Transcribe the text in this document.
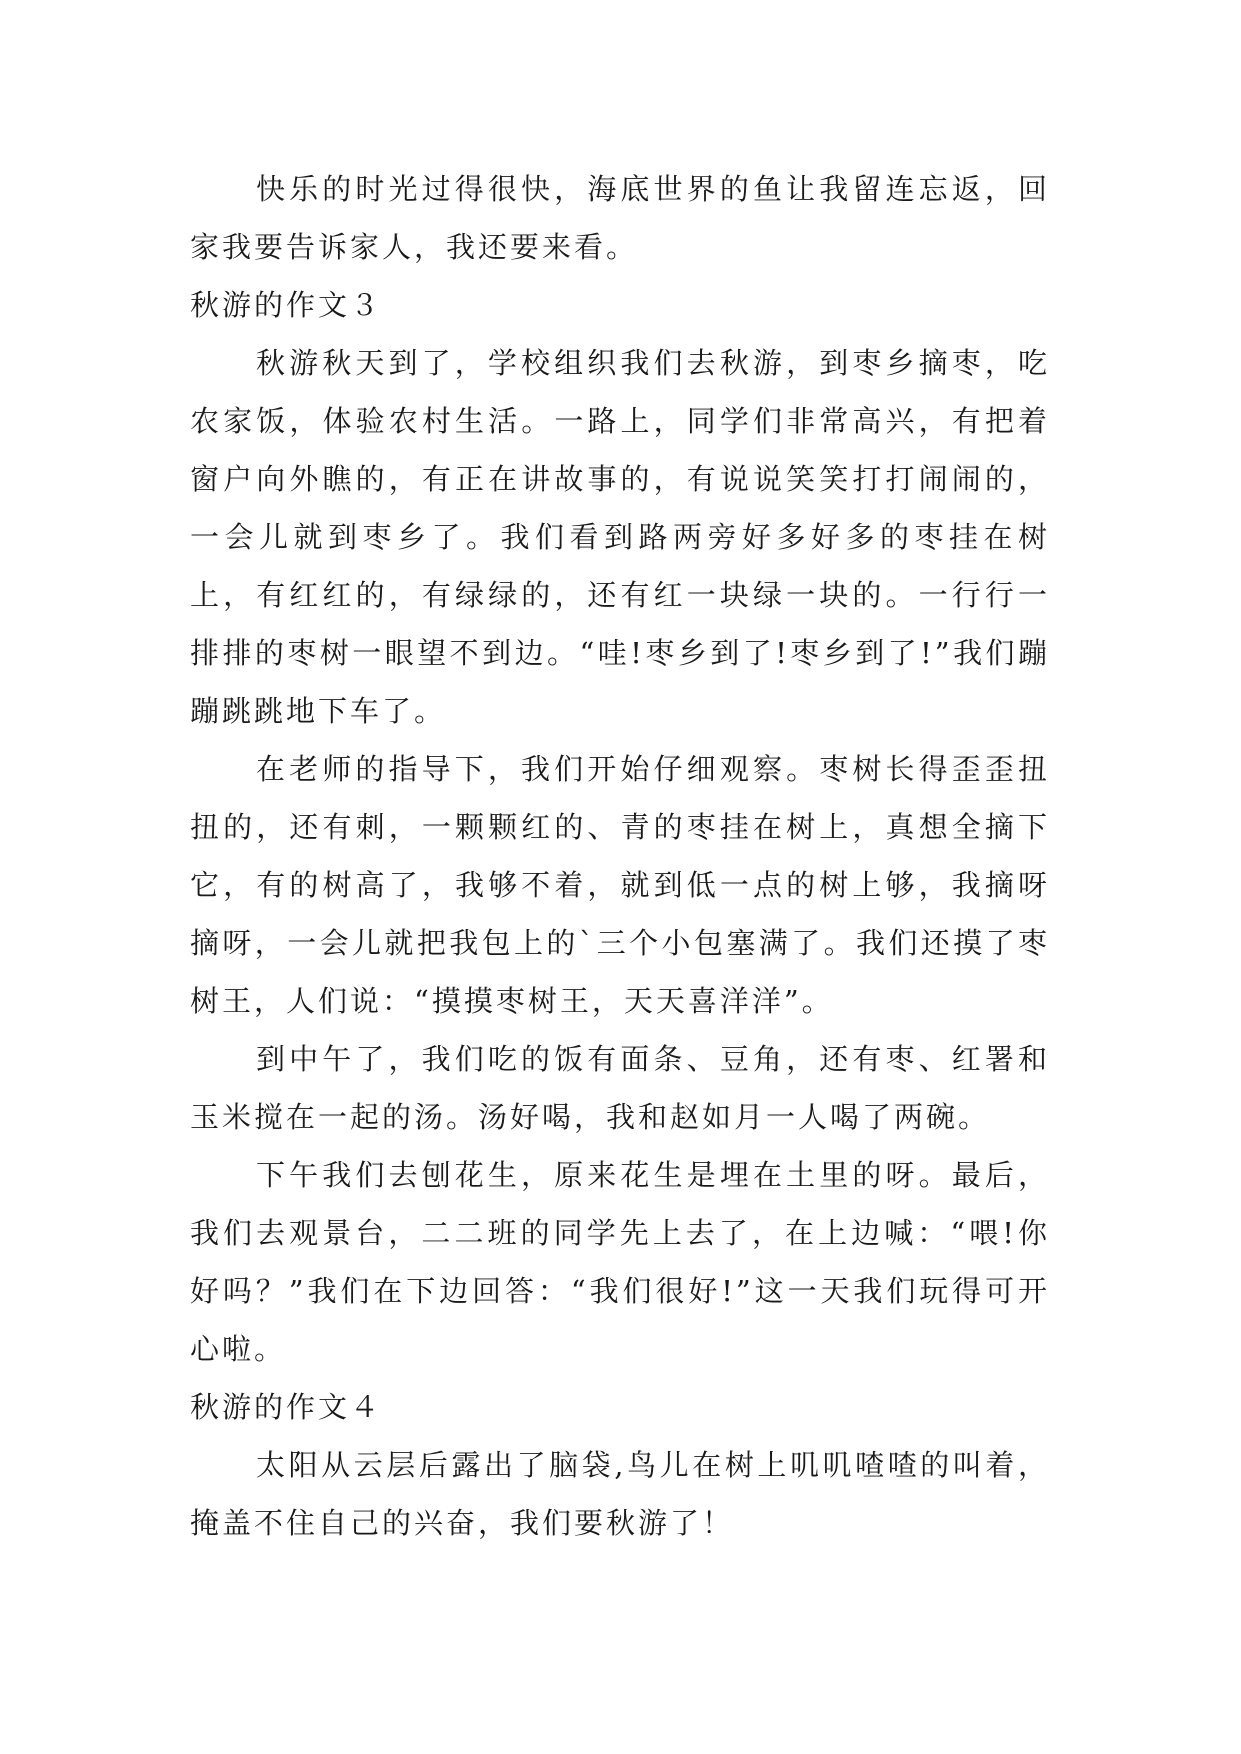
快乐的时光过得很快，海底世界的鱼让我留连忘返，回家我要告诉家人，我还要来看。

秋游的作文３

秋游秋天到了，学校组织我们去秋游，到枣乡摘枣，吃农家饭，体验农村生活。一路上，同学们非常高兴，有把着窗户向外瞧的，有正在讲故事的，有说说笑笑打打闹闹的，一会儿就到枣乡了。我们看到路两旁好多好多的枣挂在树上，有红红的，有绿绿的，还有红一块绿一块的。一行行一排排的枣树一眼望不到边。“哇!枣乡到了!枣乡到了!”我们蹦蹦跳跳地下车了。

在老师的指导下，我们开始仔细观察。枣树长得歪歪扭扭的，还有刺，一颗颗红的、青的枣挂在树上，真想全摘下它，有的树高了，我够不着，就到低一点的树上够，我摘呀摘呀，一会儿就把我包上的`三个小包塞满了。我们还摸了枣树王，人们说：“摸摸枣树王，天天喜洋洋”。

到中午了，我们吃的饭有面条、豆角，还有枣、红署和玉米搅在一起的汤。汤好喝，我和赵如月一人喝了两碗。

下午我们去刨花生，原来花生是埋在土里的呀。最后，我们去观景台，二二班的同学先上去了，在上边喊：“喂!你好吗？”我们在下边回答：“我们很好!”这一天我们玩得可开心啦。

秋游的作文４

太阳从云层后露出了脑袋,鸟儿在树上叽叽喳喳的叫着，掩盖不住自己的兴奋，我们要秋游了！
